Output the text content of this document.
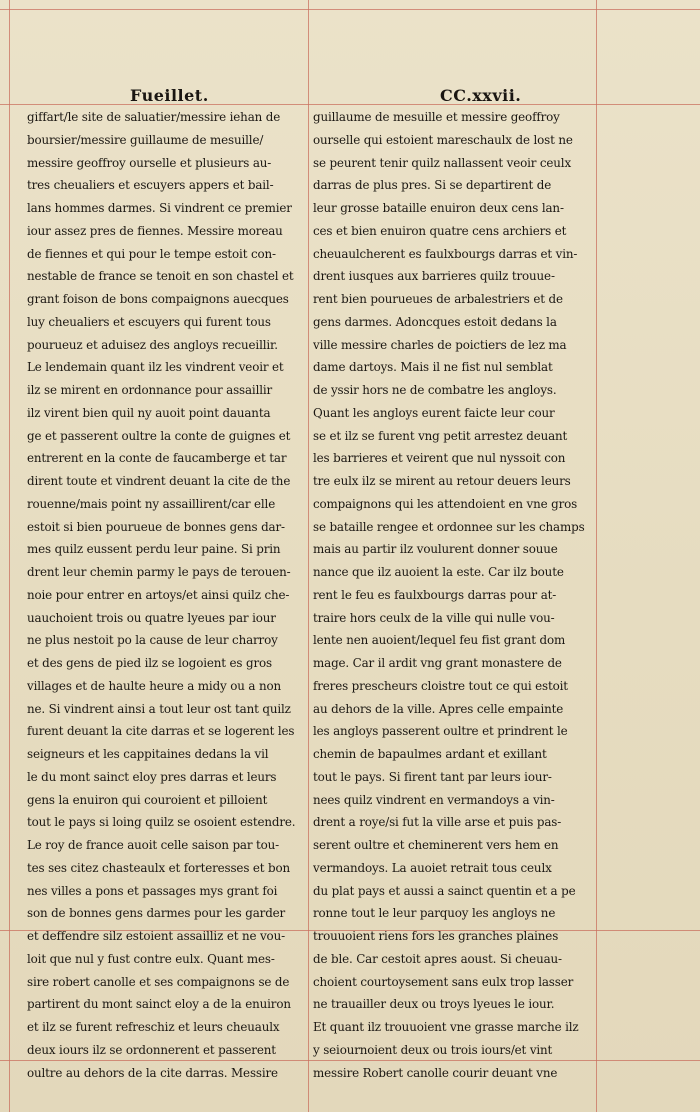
Fueillet.	CC.xxvii.
giffart/le site de saluatier/messire iehan de
boursier/messire guillaume de mesuille/
messire geoffroy ourselle et plusieurs au-
tres cheualiers et escuyers appers et bail-
lans hommes darmes. Si vindrent ce premier
iour assez pres de fiennes. Messire moreau
de fiennes et qui pour le tempe estoit con-
nestable de france se tenoit en son chastel et
grant foison de bons compaignons auecques
luy cheualiers et escuyers qui furent tous
pourueuz et aduisez des angloys recueillir.
Le lendemain quant ilz les vindrent veoir et
ilz se mirent en ordonnance pour assaillir
ilz virent bien quil ny auoit point dauanta
ge et passerent oultre la conte de guignes et
entrerent en la conte de faucamberge et tar
dirent toute et vindrent deuant la cite de the
rouenne/mais point ny assaillirent/car elle
estoit si bien pourueue de bonnes gens dar-
mes quilz eussent perdu leur paine. Si prin
drent leur chemin parmy le pays de terouen-
noie pour entrer en artoys/et ainsi quilz che-
uauchoient trois ou quatre lyeues par iour
ne plus nestoit po la cause de leur charroy
et des gens de pied ilz se logoient es gros
villages et de haulte heure a midy ou a non
ne. Si vindrent ainsi a tout leur ost tant quilz
furent deuant la cite darras et se logerent les
seigneurs et les cappitaines dedans la vil
le du mont sainct eloy pres darras et leurs
gens la enuiron qui couroient et pilloient
tout le pays si loing quilz se osoient estendre.
Le roy de france auoit celle saison par tou-
tes ses citez chasteaulx et forteresses et bon
nes villes a pons et passages mys grant foi
son de bonnes gens darmes pour les garder
et deffendre silz estoient assailliz et ne vou-
loit que nul y fust contre eulx. Quant mes-
sire robert canolle et ses compaignons se de
partirent du mont sainct eloy a de la enuiron
et ilz se furent refreschiz et leurs cheuaulx
deux iours ilz se ordonnerent et passerent
oultre au dehors de la cite darras. Messire
guillaume de mesuille et messire geoffroy
ourselle qui estoient mareschaulx de lost ne
se peurent tenir quilz nallassent veoir ceulx
darras de plus pres. Si se departirent de
leur grosse bataille enuiron deux cens lan-
ces et bien enuiron quatre cens archiers et
cheuaulcherent es faulxbourgs darras et vin-
drent iusques aux barrieres quilz trouue-
rent bien pourueues de arbalestriers et de
gens darmes. Adoncques estoit dedans la
ville messire charles de poictiers de lez ma
dame dartoys. Mais il ne fist nul semblat
de yssir hors ne de combatre les angloys.
Quant les angloys eurent faicte leur cour
se et ilz se furent vng petit arrestez deuant
les barrieres et veirent que nul nyssoit con
tre eulx ilz se mirent au retour deuers leurs
compaignons qui les attendoient en vne gros
se bataille rengee et ordonnee sur les champs
mais au partir ilz voulurent donner souue
nance que ilz auoient la este. Car ilz boute
rent le feu es faulxbourgs darras pour at-
traire hors ceulx de la ville qui nulle vou-
lente nen auoient/lequel feu fist grant dom
mage. Car il ardit vng grant monastere de
freres prescheurs cloistre tout ce qui estoit
au dehors de la ville. Apres celle empainte
les angloys passerent oultre et prindrent le
chemin de bapaulmes ardant et exillant
tout le pays. Si firent tant par leurs iour-
nees quilz vindrent en vermandoys a vin-
drent a roye/si fut la ville arse et puis pas-
serent oultre et cheminerent vers hem en
vermandoys. La auoiet retrait tous ceulx
du plat pays et aussi a sainct quentin et a pe
ronne tout le leur parquoy les angloys ne
trouuoient riens fors les granches plaines
de ble. Car cestoit apres aoust. Si cheuau-
choient courtoysement sans eulx trop lasser
ne trauailler deux ou troys lyeues le iour.
Et quant ilz trouuoient vne grasse marche ilz
y seiournoient deux ou trois iours/et vint
messire Robert canolle courir deuant vne
